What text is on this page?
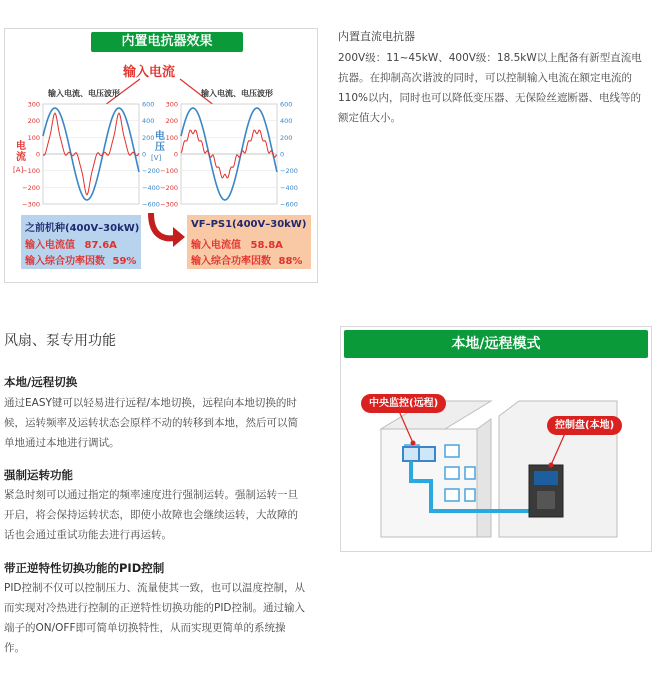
内置电抗器效果
输入电流
300
200
100
0
−100
−200
−300
600
400
200
0
−200
−400
−600
300
200
100
0
−100
−200
−300
600
400
200
0
−200
−400
−600
输入电流、电压波形	输入电流、电压波形
电流
[A]
电压
[V]
之前机种(400V–30kW)
输入电流值 87.6A
输入综合功率因数 59%
VF–PS1(400V–30kW)
输入电流值 58.8A
输入综合功率因数 88%
内置直流电抗器
200V级：11~45kW、400V级：18.5kW以上配备有新型直流电抗器。在抑制高次谐波的同时，可以控制输入电流在额定电流的110%以内，同时也可以降低变压器、无保险丝遮断器、电线等的额定值大小。
风扇、泵专用功能
本地/远程切换
通过EASY键可以轻易进行远程/本地切换，远程向本地切换的时候，运转频率及运转状态会原样不动的转移到本地，然后可以简单地通过本地进行调试。
强制运转功能
紧急时刻可以通过指定的频率速度进行强制运转。强制运转一旦开启，将会保持运转状态，即使小故障也会继续运转，大故障的话也会通过重试功能去进行再运转。
带正逆特性切换功能的PID控制
PID控制不仅可以控制压力、流量使其一致，也可以温度控制，从而实现对冷热进行控制的正逆特性切换功能的PID控制。通过输入端子的ON/OFF即可简单切换特性，从而实现更简单的系统操作。
本地/远程模式
中央监控(远程)
控制盘(本地)
